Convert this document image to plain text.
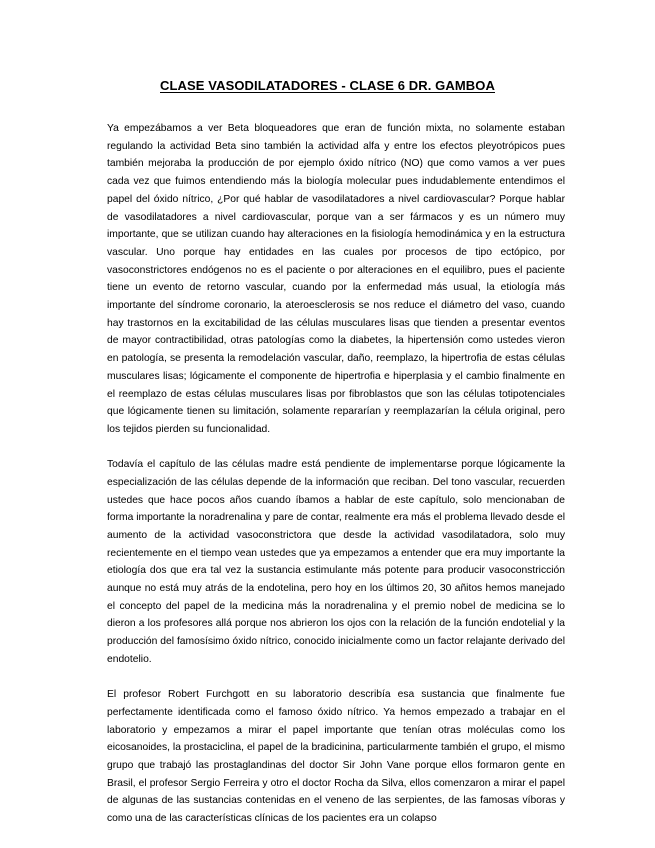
CLASE VASODILATADORES - CLASE 6 DR. GAMBOA

Ya empezábamos a ver Beta bloqueadores que eran de función mixta, no solamente estaban regulando la actividad Beta sino también la actividad alfa y entre los efectos pleyotrópicos pues también mejoraba la producción de por ejemplo óxido nítrico (NO) que como vamos a ver pues cada vez que fuimos entendiendo más la biología molecular pues indudablemente entendimos el papel del óxido nítrico, ¿Por qué hablar de vasodilatadores a nivel cardiovascular? Porque hablar de vasodilatadores a nivel cardiovascular, porque van a ser fármacos y es un número muy importante, que se utilizan cuando hay alteraciones en la fisiología hemodinámica y en la estructura vascular. Uno porque hay entidades en las cuales por procesos de tipo ectópico, por vasoconstrictores endógenos no es el paciente o por alteraciones en el equilibro, pues el paciente tiene un evento de retorno vascular, cuando por la enfermedad más usual, la etiología más importante del síndrome coronario, la ateroesclerosis se nos reduce el diámetro del vaso, cuando hay trastornos en la excitabilidad de las células musculares lisas que tienden a presentar eventos de mayor contractibilidad, otras patologías como la diabetes, la hipertensión como ustedes vieron en patología, se presenta la remodelación vascular, daño, reemplazo, la hipertrofia de estas células musculares lisas; lógicamente el componente de hipertrofia e hiperplasia y el cambio finalmente en el reemplazo de estas células musculares lisas por fibroblastos que son las células totipotenciales que lógicamente tienen su limitación, solamente repararían y reemplazarían la célula original, pero los tejidos pierden su funcionalidad.

Todavía el capítulo de las células madre está pendiente de implementarse porque lógicamente la especialización de las células depende de la información que reciban. Del tono vascular, recuerden ustedes que hace pocos años cuando íbamos a hablar de este capítulo, solo mencionaban de forma importante la noradrenalina y pare de contar, realmente era más el problema llevado desde el aumento de la actividad vasoconstrictora que desde la actividad vasodilatadora, solo muy recientemente en el tiempo vean ustedes que ya empezamos a entender que era muy importante la etiología dos que era tal vez la sustancia estimulante más potente para producir vasoconstricción aunque no está muy atrás de la endotelina, pero hoy en los últimos 20, 30 añitos hemos manejado el concepto del papel de la medicina más la noradrenalina y el premio nobel de medicina se lo dieron a los profesores allá porque nos abrieron los ojos con la relación de la función endotelial y la producción del famosísimo óxido nítrico, conocido inicialmente como un factor relajante derivado del endotelio.

El profesor Robert Furchgott en su laboratorio describía esa sustancia que finalmente fue perfectamente identificada como el famoso óxido nítrico. Ya hemos empezado a trabajar en el laboratorio y empezamos a mirar el papel importante que tenían otras moléculas como los eicosanoides, la prostaciclina, el papel de la bradicinina, particularmente también el grupo, el mismo grupo que trabajó las prostaglandinas del doctor Sir John Vane porque ellos formaron gente en Brasil, el profesor Sergio Ferreira y otro el doctor Rocha da Silva, ellos comenzaron a mirar el papel de algunas de las sustancias contenidas en el veneno de las serpientes, de las famosas víboras y como una de las características clínicas de los pacientes era un colapso
